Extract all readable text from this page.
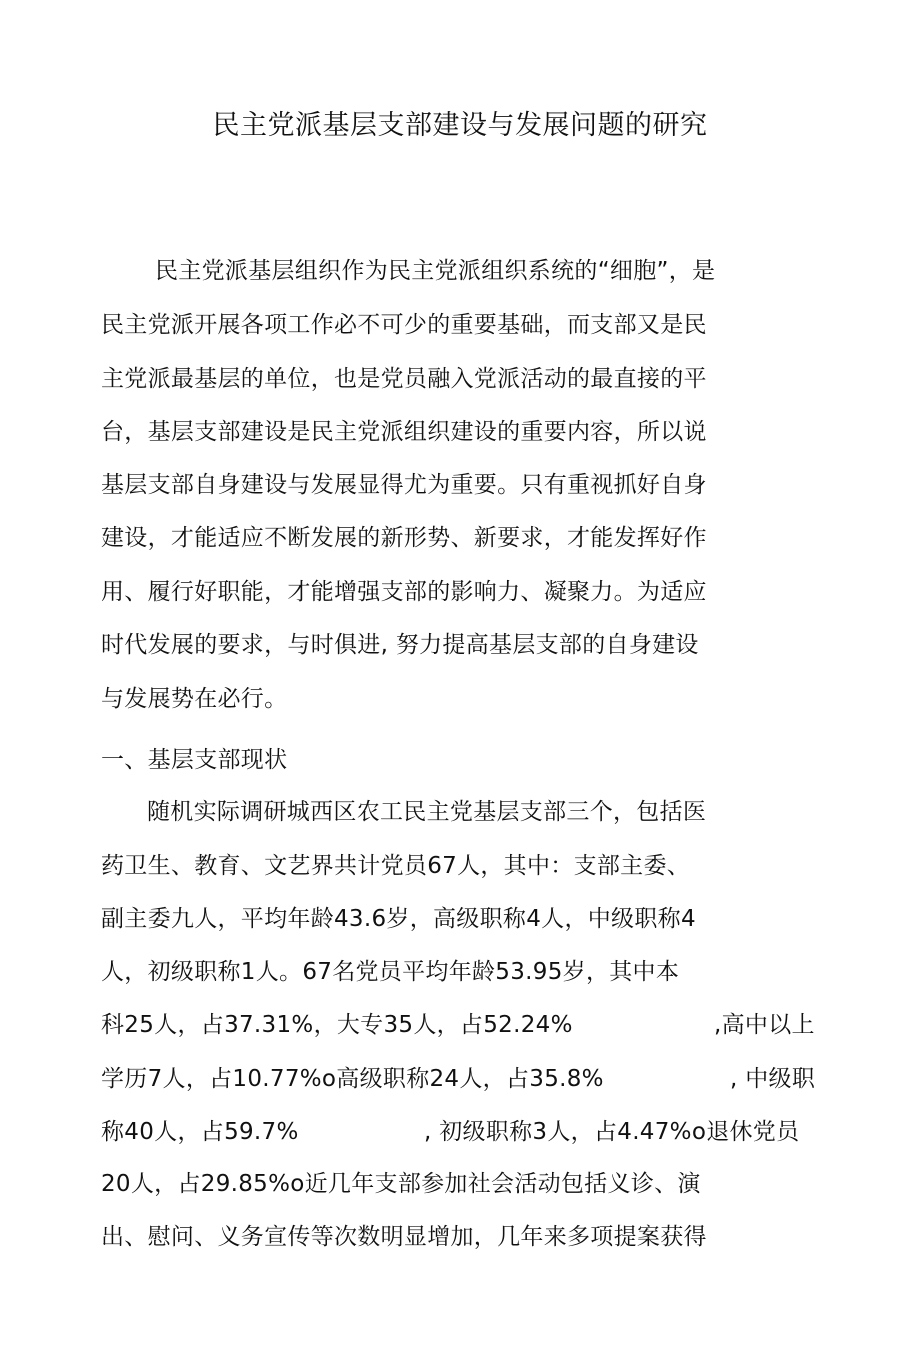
民主党派基层支部建设与发展问题的研究
民主党派基层组织作为民主党派组织系统的“细胞”，是
民主党派开展各项工作必不可少的重要基础，而支部又是民
主党派最基层的单位，也是党员融入党派活动的最直接的平
台，基层支部建设是民主党派组织建设的重要内容，所以说
基层支部自身建设与发展显得尤为重要。只有重视抓好自身
建设，才能适应不断发展的新形势、新要求，才能发挥好作
用、履行好职能，才能增强支部的影响力、凝聚力。为适应
时代发展的要求，与时俱进, 努力提高基层支部的自身建设
与发展势在必行。
一、基层支部现状
随机实际调研城西区农工民主党基层支部三个，包括医
药卫生、教育、文艺界共计党员67人，其中：支部主委、
副主委九人，平均年龄43.6岁，高级职称4人，中级职称4
人，初级职称1人。67名党员平均年龄53.95岁，其中本
科25人，占37.31%，大专35人，占52.24%	,高中以上
学历7人，占10.77%o高级职称24人，占35.8%	, 中级职
称40人，占59.7%	, 初级职称3人，占4.47%o退休党员
20人，占29.85%o近几年支部参加社会活动包括义诊、演
出、慰问、义务宣传等次数明显增加，几年来多项提案获得
